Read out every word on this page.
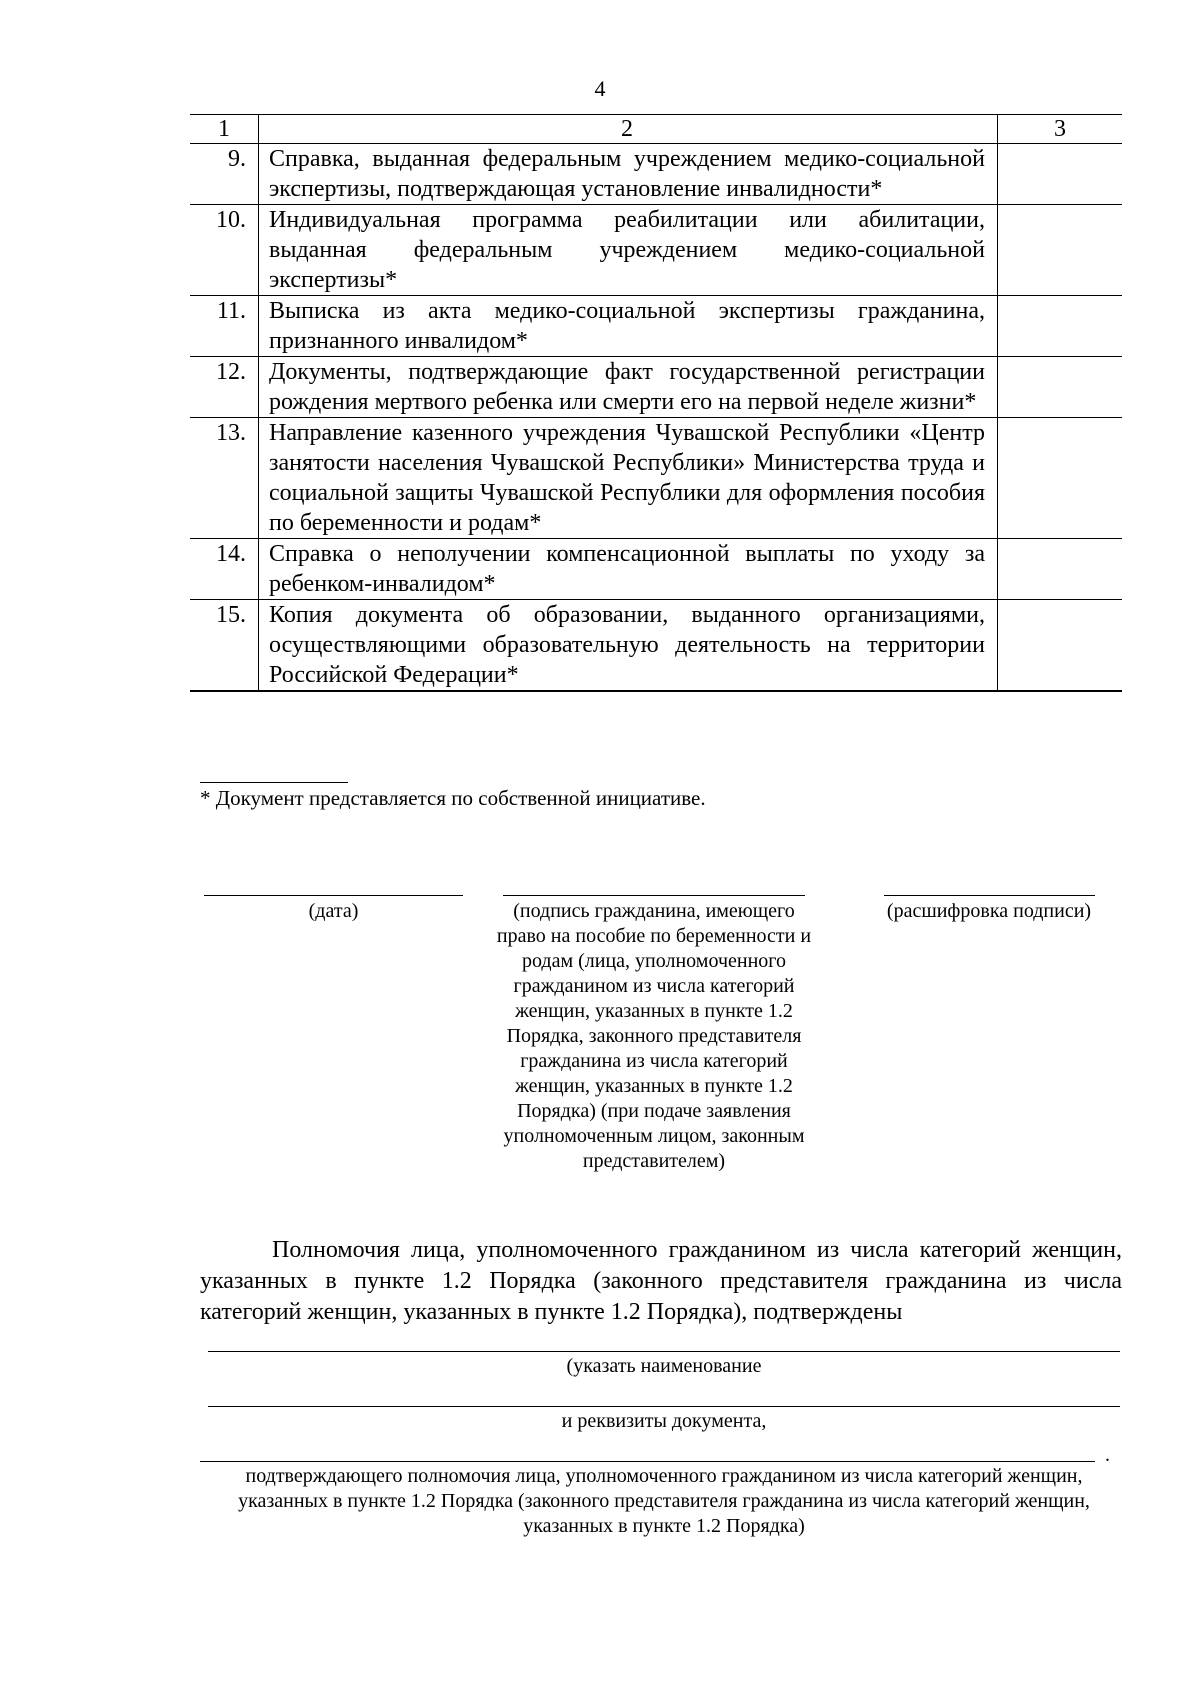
4
1	2	3
9.	Справка, выданная федеральным учреждением медико-социальной экспертизы, подтверждающая установление инвалидности*	
10.	Индивидуальная программа реабилитации или абилитации, выданная федеральным учреждением медико-социальной экспертизы*	
11.	Выписка из акта медико-социальной экспертизы гражданина, признанного инвалидом*	
12.	Документы, подтверждающие факт государственной регистрации рождения мертвого ребенка или смерти его на первой неделе жизни*	
13.	Направление казенного учреждения Чувашской Республики «Центр занятости населения Чувашской Республики» Министерства труда и социальной защиты Чувашской Республики для оформления пособия по беременности и родам*	
14.	Справка о неполучении компенсационной выплаты по уходу за ребенком-инвалидом*	
15.	Копия документа об образовании, выданного организациями, осуществляющими образовательную деятельность на территории Российской Федерации*	
* Документ представляется по собственной инициативе.
(дата)	(подпись гражданина, имеющего право на пособие по беременности и родам (лица, уполномоченного гражданином из числа категорий женщин, указанных в пункте 1.2 Порядка, законного представителя гражданина из числа категорий женщин, указанных в пункте 1.2 Порядка) (при подаче заявления уполномоченным лицом, законным представителем)
(расшифровка подписи)
Полномочия лица, уполномоченного гражданином из числа категорий женщин, указанных в пункте 1.2 Порядка (законного представителя гражданина из числа категорий женщин, указанных в пункте 1.2 Порядка), подтверждены
(указать наименование
и реквизиты документа,
.
подтверждающего полномочия лица, уполномоченного гражданином из числа категорий женщин, указанных в пункте 1.2 Порядка (законного представителя гражданина из числа категорий женщин, указанных в пункте 1.2 Порядка)
